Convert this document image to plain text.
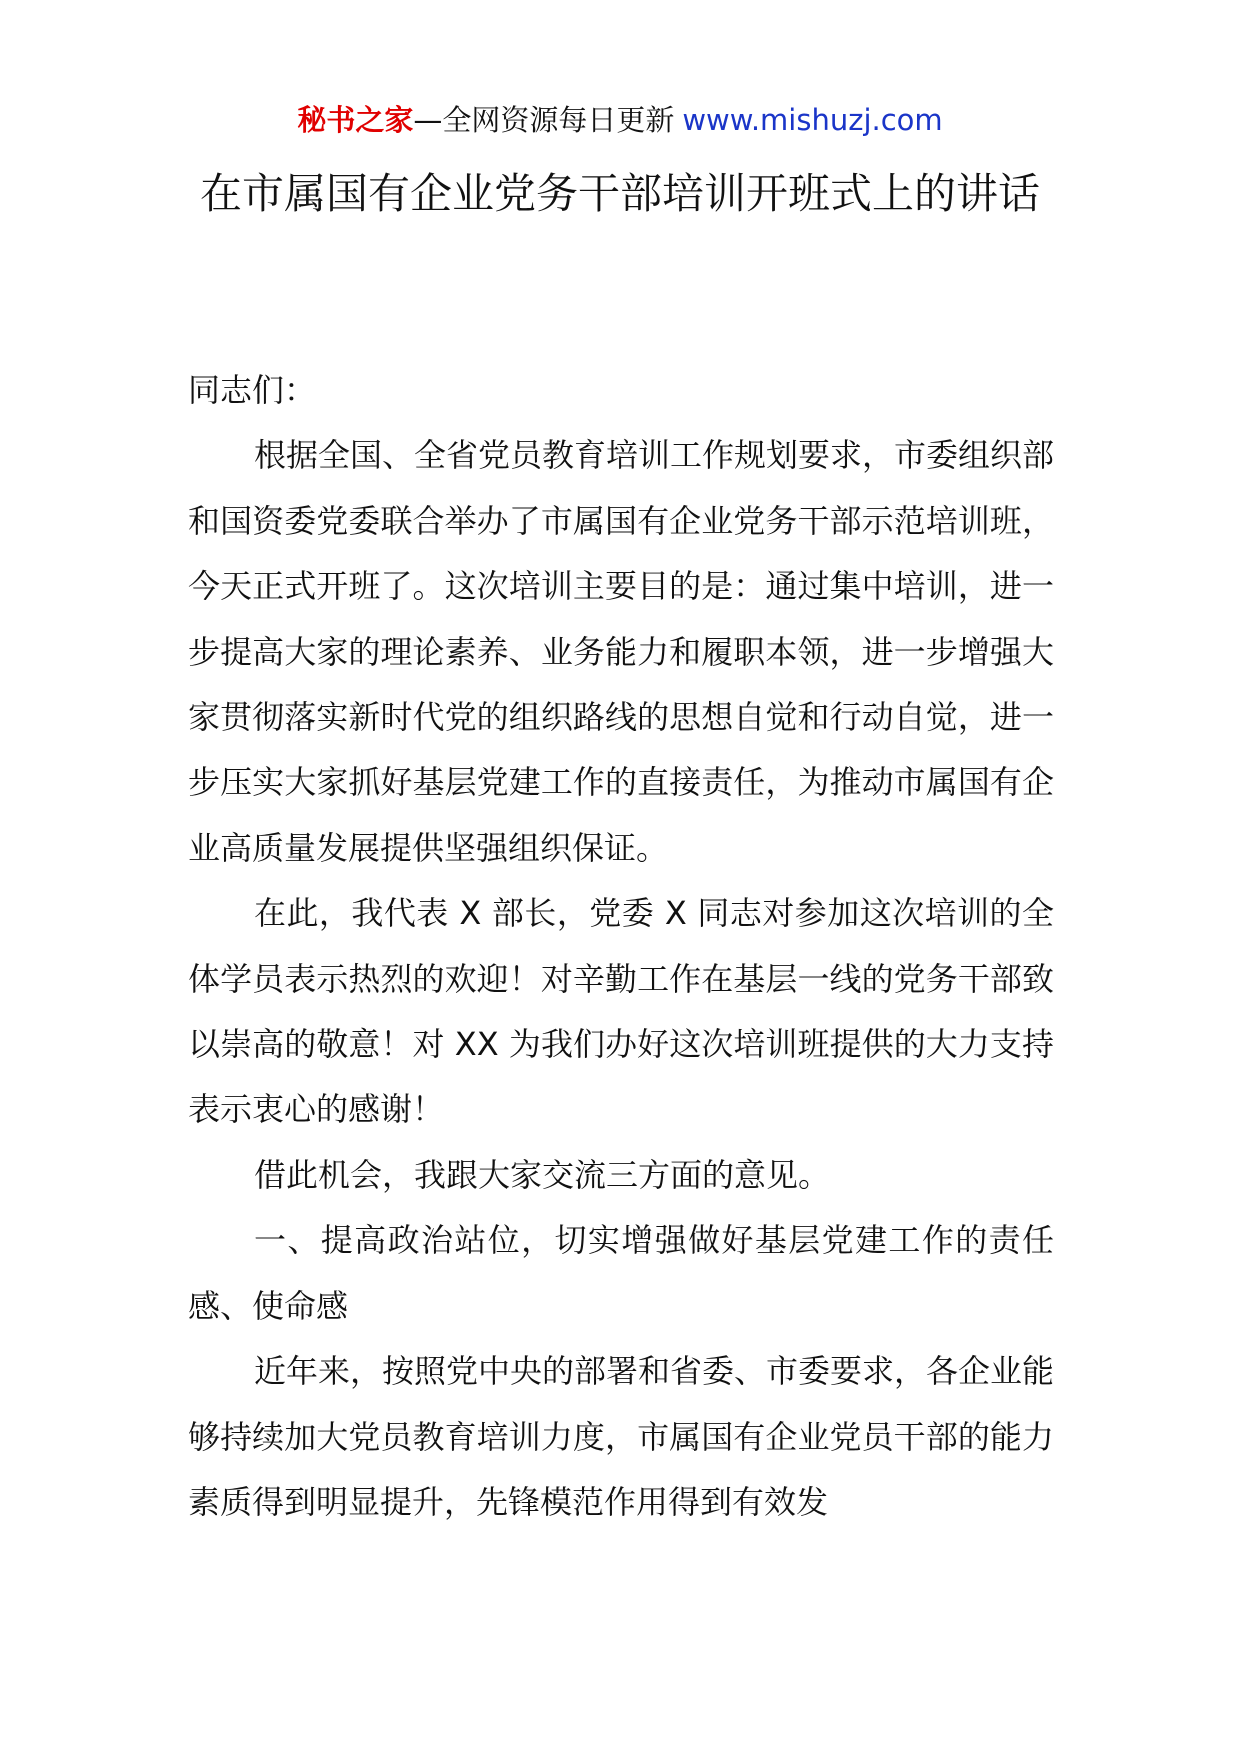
秘书之家—全网资源每日更新 www.mishuzj.com
在市属国有企业党务干部培训开班式上的讲话

同志们：

根据全国、全省党员教育培训工作规划要求，市委组织部和国资委党委联合举办了市属国有企业党务干部示范培训班，今天正式开班了。这次培训主要目的是：通过集中培训，进一步提高大家的理论素养、业务能力和履职本领，进一步增强大家贯彻落实新时代党的组织路线的思想自觉和行动自觉，进一步压实大家抓好基层党建工作的直接责任，为推动市属国有企业高质量发展提供坚强组织保证。

在此，我代表 X 部长，党委 X 同志对参加这次培训的全体学员表示热烈的欢迎！对辛勤工作在基层一线的党务干部致以崇高的敬意！对 XX 为我们办好这次培训班提供的大力支持表示衷心的感谢！

借此机会，我跟大家交流三方面的意见。

一、提高政治站位，切实增强做好基层党建工作的责任感、使命感

近年来，按照党中央的部署和省委、市委要求，各企业能够持续加大党员教育培训力度，市属国有企业党员干部的能力素质得到明显提升，先锋模范作用得到有效发
